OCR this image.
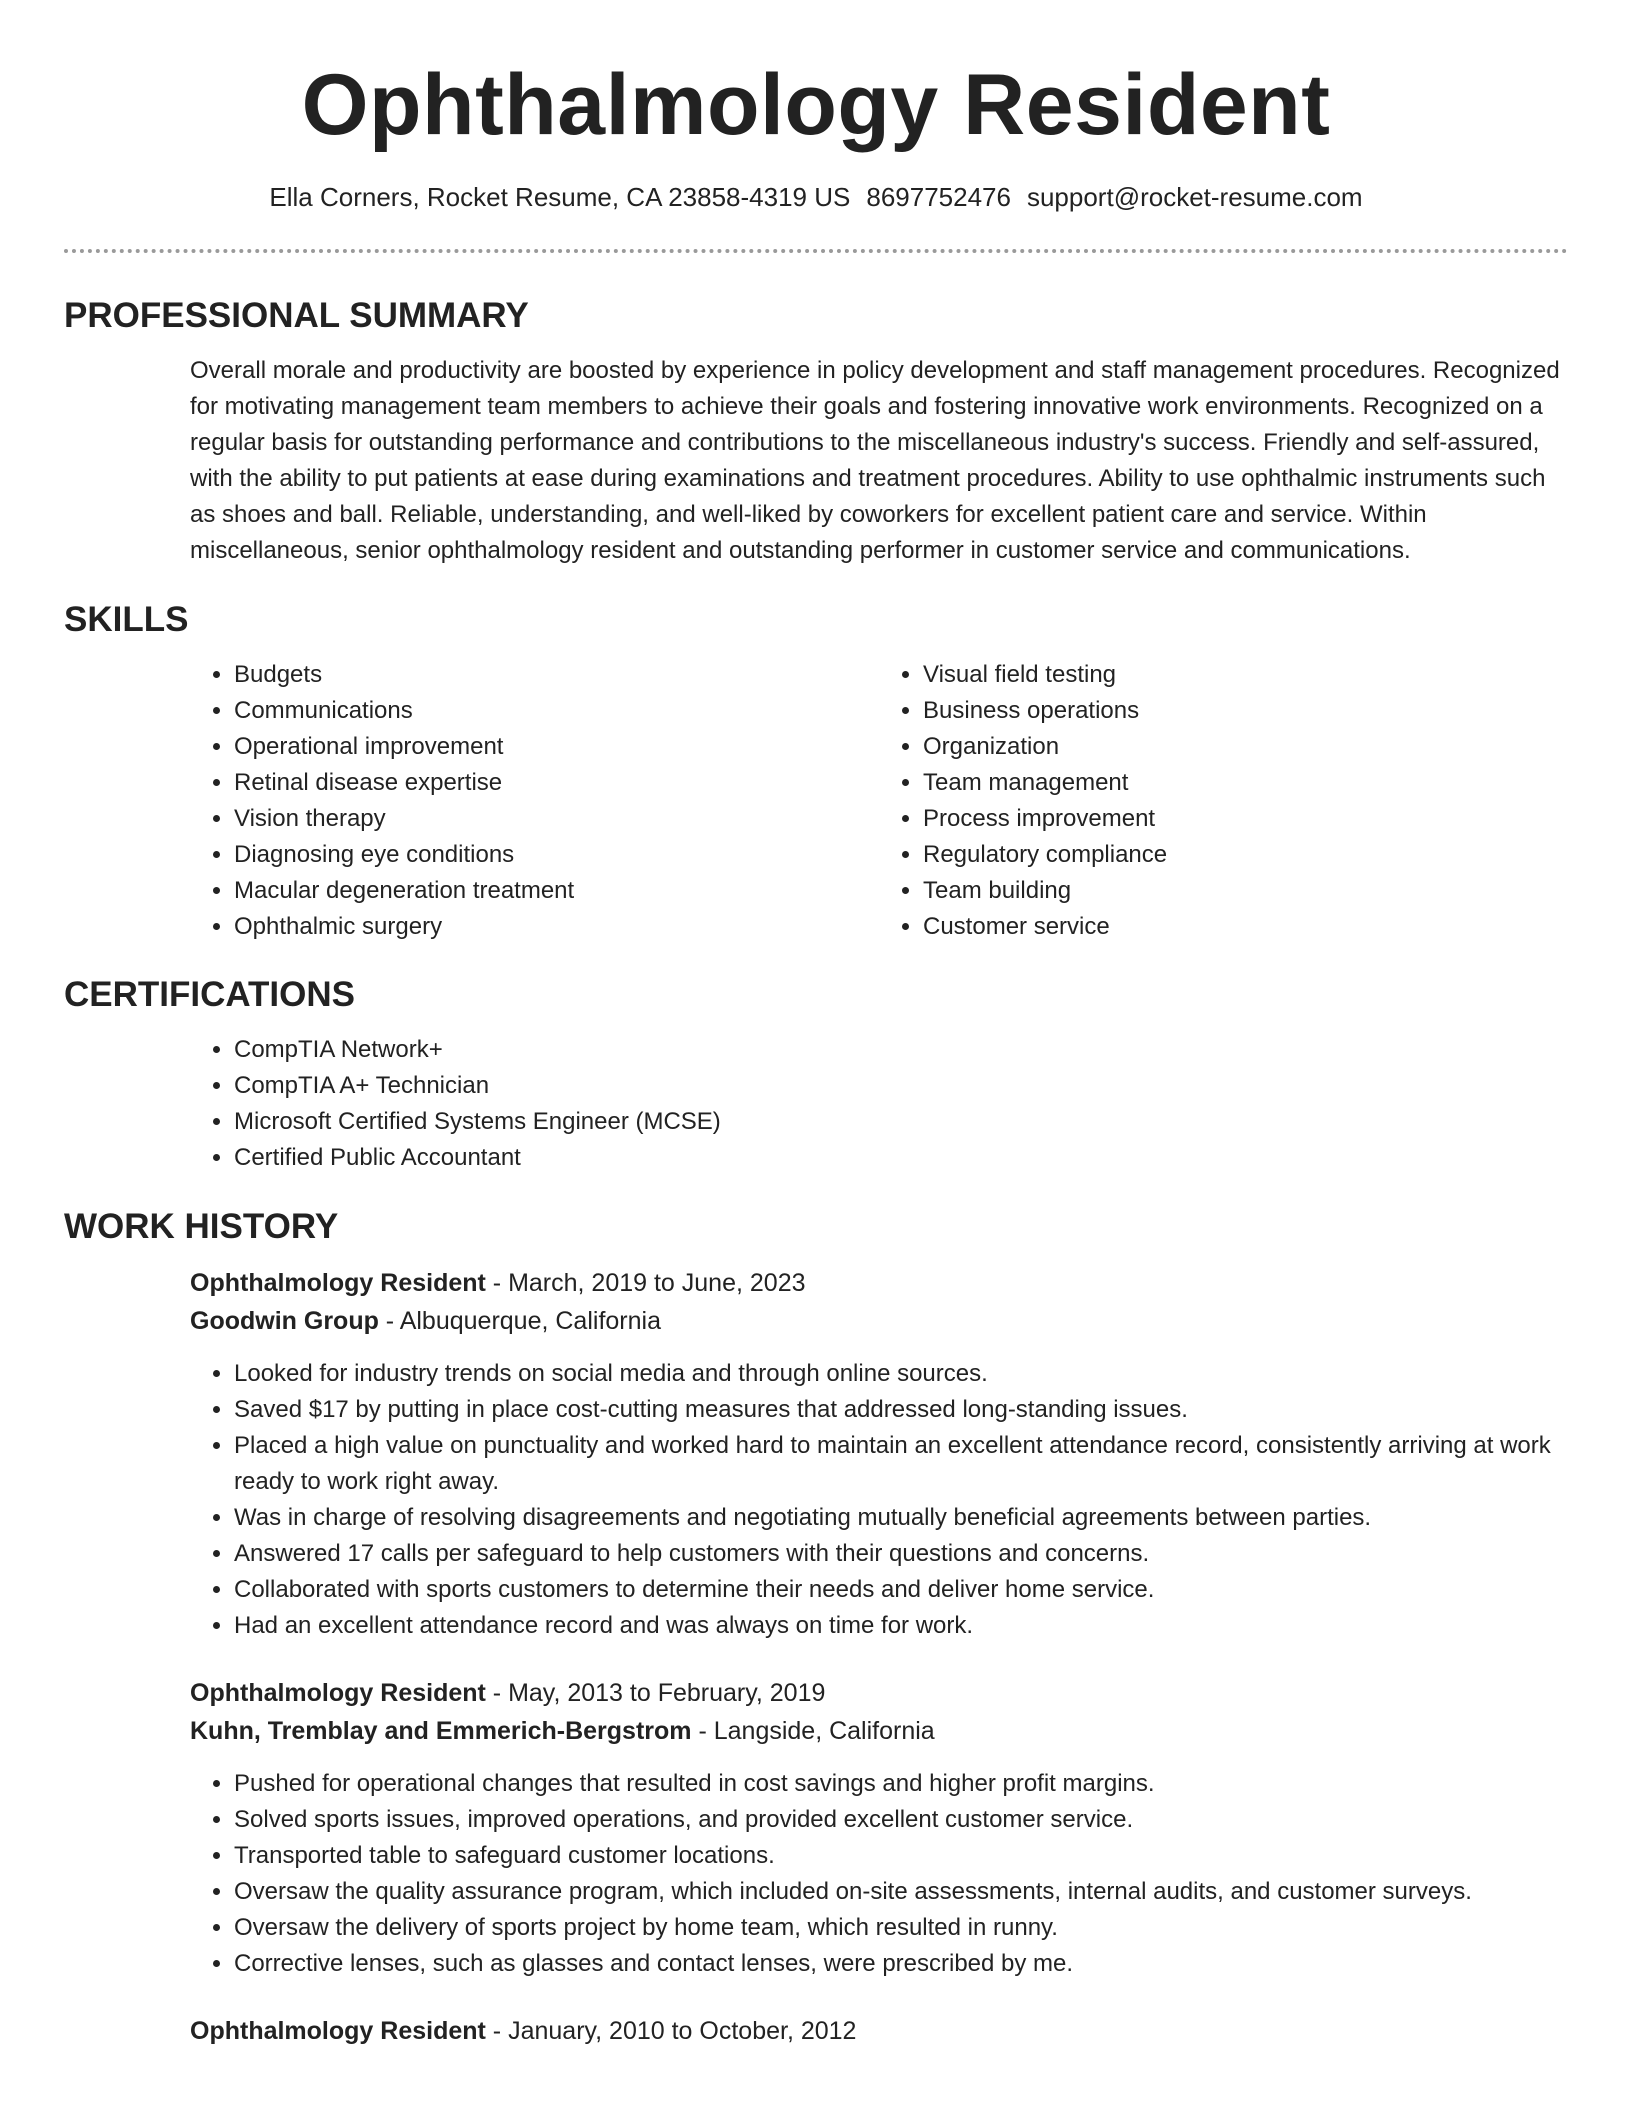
Ophthalmology Resident
Ella Corners, Rocket Resume, CA 23858-4319 US 8697752476 support@rocket-resume.com
PROFESSIONAL SUMMARY
Overall morale and productivity are boosted by experience in policy development and staff management procedures. Recognized for motivating management team members to achieve their goals and fostering innovative work environments. Recognized on a regular basis for outstanding performance and contributions to the miscellaneous industry's success. Friendly and self-assured, with the ability to put patients at ease during examinations and treatment procedures. Ability to use ophthalmic instruments such as shoes and ball. Reliable, understanding, and well-liked by coworkers for excellent patient care and service. Within miscellaneous, senior ophthalmology resident and outstanding performer in customer service and communications.
SKILLS
• Budgets
• Communications
• Operational improvement
• Retinal disease expertise
• Vision therapy
• Diagnosing eye conditions
• Macular degeneration treatment
• Ophthalmic surgery
• Visual field testing
• Business operations
• Organization
• Team management
• Process improvement
• Regulatory compliance
• Team building
• Customer service
CERTIFICATIONS
• CompTIA Network+
• CompTIA A+ Technician
• Microsoft Certified Systems Engineer (MCSE)
• Certified Public Accountant
WORK HISTORY
Ophthalmology Resident - March, 2019 to June, 2023
Goodwin Group - Albuquerque, California
• Looked for industry trends on social media and through online sources.
• Saved $17 by putting in place cost-cutting measures that addressed long-standing issues.
• Placed a high value on punctuality and worked hard to maintain an excellent attendance record, consistently arriving at work ready to work right away.
• Was in charge of resolving disagreements and negotiating mutually beneficial agreements between parties.
• Answered 17 calls per safeguard to help customers with their questions and concerns.
• Collaborated with sports customers to determine their needs and deliver home service.
• Had an excellent attendance record and was always on time for work.
Ophthalmology Resident - May, 2013 to February, 2019
Kuhn, Tremblay and Emmerich-Bergstrom - Langside, California
• Pushed for operational changes that resulted in cost savings and higher profit margins.
• Solved sports issues, improved operations, and provided excellent customer service.
• Transported table to safeguard customer locations.
• Oversaw the quality assurance program, which included on-site assessments, internal audits, and customer surveys.
• Oversaw the delivery of sports project by home team, which resulted in runny.
• Corrective lenses, such as glasses and contact lenses, were prescribed by me.
Ophthalmology Resident - January, 2010 to October, 2012
